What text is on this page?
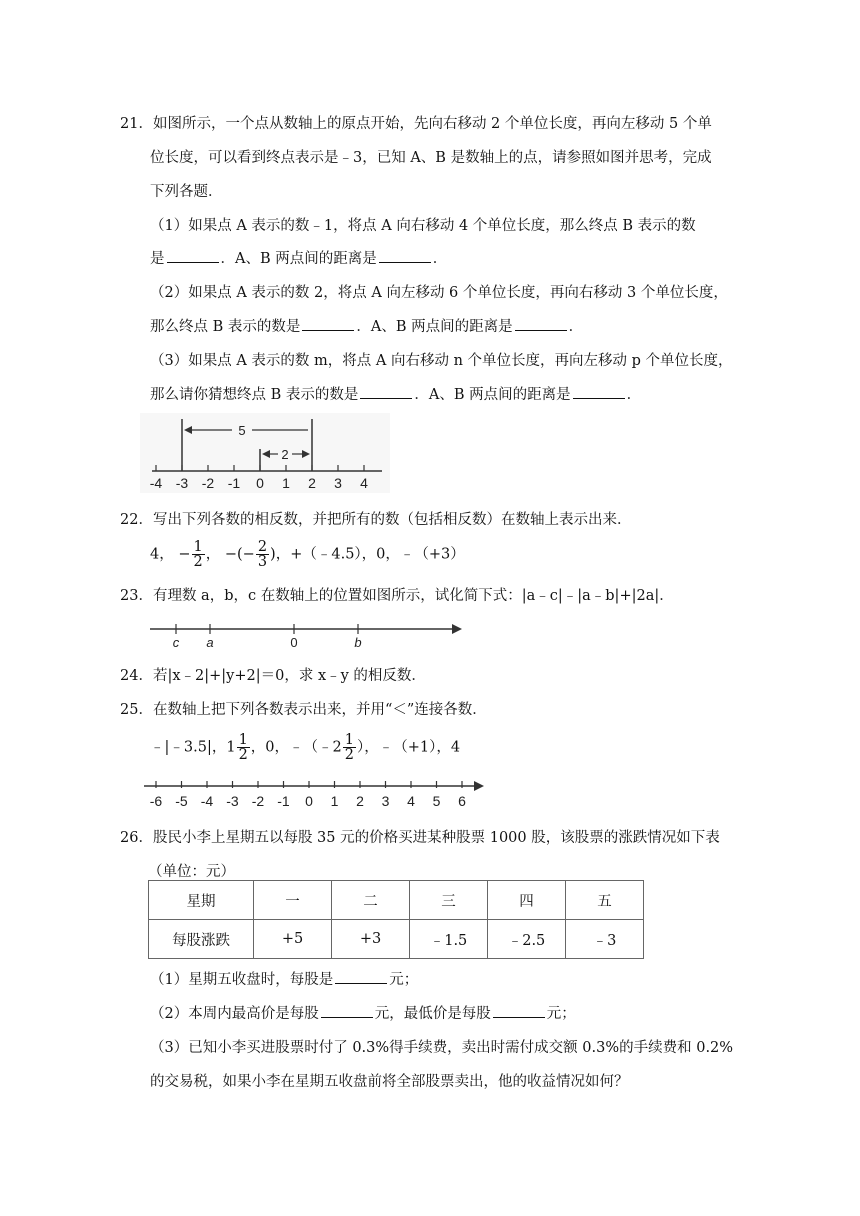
21．如图所示，一个点从数轴上的原点开始，先向右移动 2 个单位长度，再向左移动 5 个单
位长度，可以看到终点表示是﹣3，已知 A、B 是数轴上的点，请参照如图并思考，完成
下列各题．
（1）如果点 A 表示的数﹣1，将点 A 向右移动 4 个单位长度，那么终点 B 表示的数
是	．A、B 两点间的距离是	．
（2）如果点 A 表示的数 2，将点 A 向左移动 6 个单位长度，再向右移动 3 个单位长度，
那么终点 B 表示的数是	．A、B 两点间的距离是	．
（3）如果点 A 表示的数 m，将点 A 向右移动 n 个单位长度，再向左移动 p 个单位长度，
那么请你猜想终点 B 表示的数是	．A、B 两点间的距离是	．
5
2
-4 -3 -2 -1 0 1 2 3 4
22．写出下列各数的相反数，并把所有的数（包括相反数）在数轴上表示出来．
4， − $\frac{1}{2}$ ， −(− $\frac{2}{3}$ )，+（﹣4.5），0，﹣（+3）
23．有理数 a，b，c 在数轴上的位置如图所示，试化简下式：|a﹣c|﹣|a﹣b|+|2a|．
c a	0	b
24．若|x﹣2|+|y+2|＝0，求 x﹣y 的相反数．
25．在数轴上把下列各数表示出来，并用“＜”连接各数．
﹣|﹣3.5|，$1 \frac{1}{2}$ ，0，﹣（﹣2 $\frac{1}{2}$ ），﹣（+1），4
-6 -5 -4 -3 -2 -1 0 1 2 3 4 5 6
26．股民小李上星期五以每股 35 元的价格买进某种股票 1000 股，该股票的涨跌情况如下表
（单位：元）
星期	一	二	三	四	五
每股涨跌	+5	+3	﹣1.5	﹣2.5	﹣3
（1）星期五收盘时，每股是	元；
（2）本周内最高价是每股	元，最低价是每股	元；
（3）已知小李买进股票时付了 0.3%得手续费，卖出时需付成交额 0.3%的手续费和 0.2%
的交易税，如果小李在星期五收盘前将全部股票卖出，他的收益情况如何？
